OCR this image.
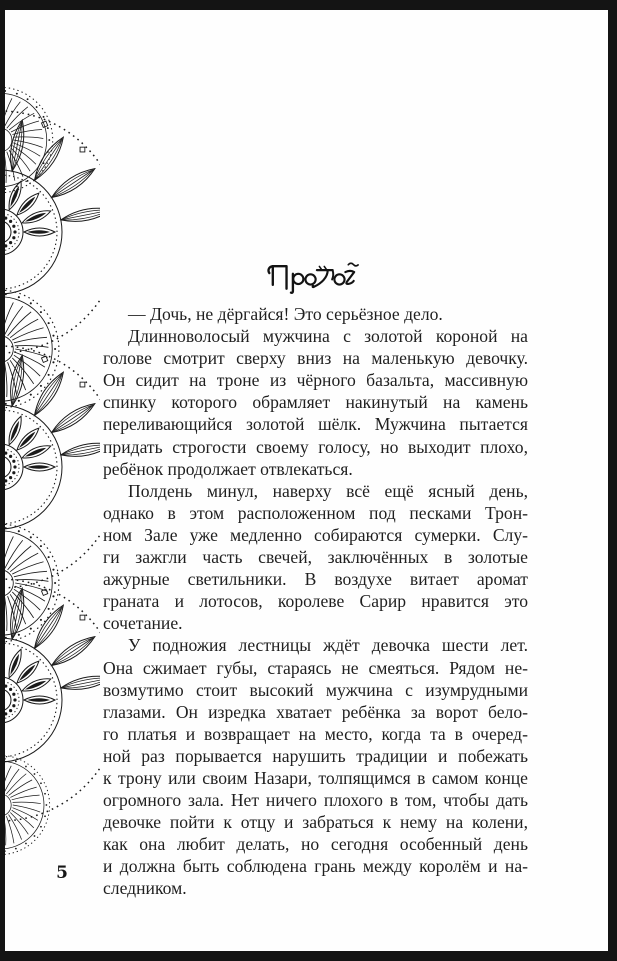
— Дочь, не дёргайся! Это серьёзное дело.
Длинноволосый мужчина с золотой короной на
голове смотрит сверху вниз на маленькую девочку.
Он сидит на троне из чёрного базальта, массивную
спинку которого обрамляет накинутый на камень
переливающийся золотой шёлк. Мужчина пытается
придать строгости своему голосу, но выходит плохо,
ребёнок продолжает отвлекаться.
Полдень минул, наверху всё ещё ясный день,
однако в этом расположенном под песками Трон-
ном Зале уже медленно собираются сумерки. Слу-
ги зажгли часть свечей, заключённых в золотые
ажурные светильники. В воздухе витает аромат
граната и лотосов, королеве Сарир нравится это
сочетание.
У подножия лестницы ждёт девочка шести лет.
Она сжимает губы, стараясь не смеяться. Рядом не-
возмутимо стоит высокий мужчина с изумрудными
глазами. Он изредка хватает ребёнка за ворот бело-
го платья и возвращает на место, когда та в очеред-
ной раз порывается нарушить традиции и побежать
к трону или своим Назари, толпящимся в самом конце
огромного зала. Нет ничего плохого в том, чтобы дать
девочке пойти к отцу и забраться к нему на колени,
как она любит делать, но сегодня особенный день
и должна быть соблюдена грань между королём и на-
следником.
5
